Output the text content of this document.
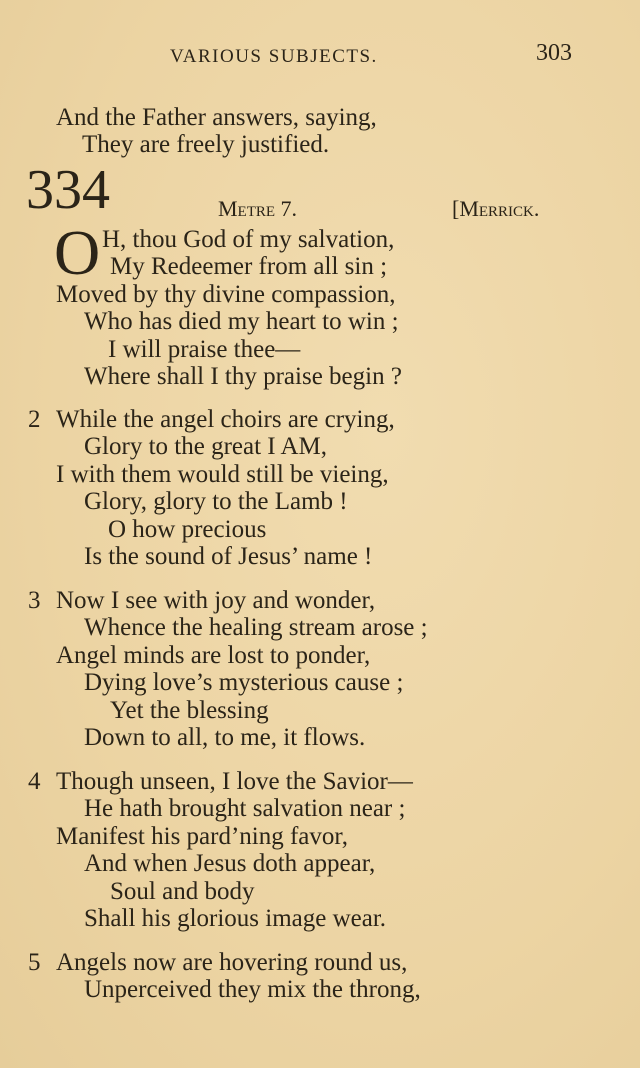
VARIOUS SUBJECTS.	303
And the Father answers, saying,
They are freely justified.
334	Metre 7.	[Merrick.
O H, thou God of my salvation,
My Redeemer from all sin ;
Moved by thy divine compassion,
Who has died my heart to win ;
I will praise thee—
Where shall I thy praise begin ?
2 While the angel choirs are crying,
Glory to the great I AM,
I with them would still be vieing,
Glory, glory to the Lamb !
O how precious
Is the sound of Jesus’ name !
3 Now I see with joy and wonder,
Whence the healing stream arose ;
Angel minds are lost to ponder,
Dying love’s mysterious cause ;
Yet the blessing
Down to all, to me, it flows.
4 Though unseen, I love the Savior—
He hath brought salvation near ;
Manifest his pard’ning favor,
And when Jesus doth appear,
Soul and body
Shall his glorious image wear.
5 Angels now are hovering round us,
Unperceived they mix the throng,
